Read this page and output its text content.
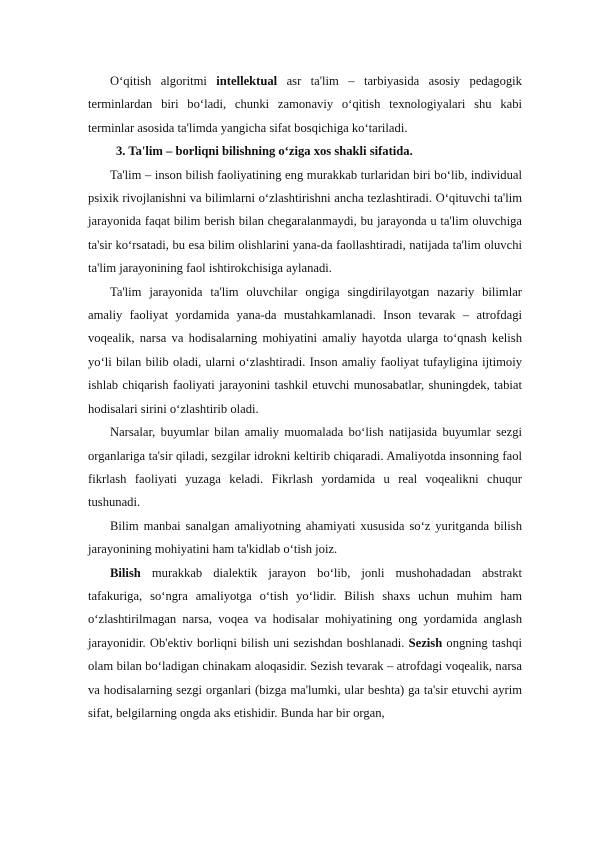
O‘qitish algoritmi intellektual asr ta'lim – tarbiyasida asosiy pedagogik terminlardan biri bo‘ladi, chunki zamonaviy o‘qitish texnologiyalari shu kabi terminlar asosida ta'limda yangicha sifat bosqichiga ko‘tariladi.

3. Ta'lim – borliqni bilishning o‘ziga xos shakli sifatida.

Ta'lim – inson bilish faoliyatining eng murakkab turlaridan biri bo‘lib, individual psixik rivojlanishni va bilimlarni o‘zlashtirishni ancha tezlashtiradi. O‘qituvchi ta'lim jarayonida faqat bilim berish bilan chegaralanmaydi, bu jarayonda u ta'lim oluvchiga ta'sir ko‘rsatadi, bu esa bilim olishlarini yana-da faollashtiradi, natijada ta'lim oluvchi ta'lim jarayonining faol ishtirokchisiga aylanadi.

Ta'lim jarayonida ta'lim oluvchilar ongiga singdirilayotgan nazariy bilimlar amaliy faoliyat yordamida yana-da mustahkamlanadi. Inson tevarak – atrofdagi voqealik, narsa va hodisalarning mohiyatini amaliy hayotda ularga to‘qnash kelish yo‘li bilan bilib oladi, ularni o‘zlashtiradi. Inson amaliy faoliyat tufayligina ijtimoiy ishlab chiqarish faoliyati jarayonini tashkil etuvchi munosabatlar, shuningdek, tabiat hodisalari sirini o‘zlashtirib oladi.

Narsalar, buyumlar bilan amaliy muomalada bo‘lish natijasida buyumlar sezgi organlariga ta'sir qiladi, sezgilar idrokni keltirib chiqaradi. Amaliyotda insonning faol fikrlash faoliyati yuzaga keladi. Fikrlash yordamida u real voqealikni chuqur tushunadi.

Bilim manbai sanalgan amaliyotning ahamiyati xususida so‘z yuritganda bilish jarayonining mohiyatini ham ta'kidlab o‘tish joiz.

Bilish murakkab dialektik jarayon bo‘lib, jonli mushohadadan abstrakt tafakuriga, so‘ngra amaliyotga o‘tish yo‘lidir. Bilish shaxs uchun muhim ham o‘zlashtirilmagan narsa, voqea va hodisalar mohiyatining ong yordamida anglash jarayonidir. Ob'ektiv borliqni bilish uni sezishdan boshlanadi. Sezish ongning tashqi olam bilan bo‘ladigan chinakam aloqasidir. Sezish tevarak – atrofdagi voqealik, narsa va hodisalarning sezgi organlari (bizga ma'lumki, ular beshta) ga ta'sir etuvchi ayrim sifat, belgilarning ongda aks etishidir. Bunda har bir organ,
